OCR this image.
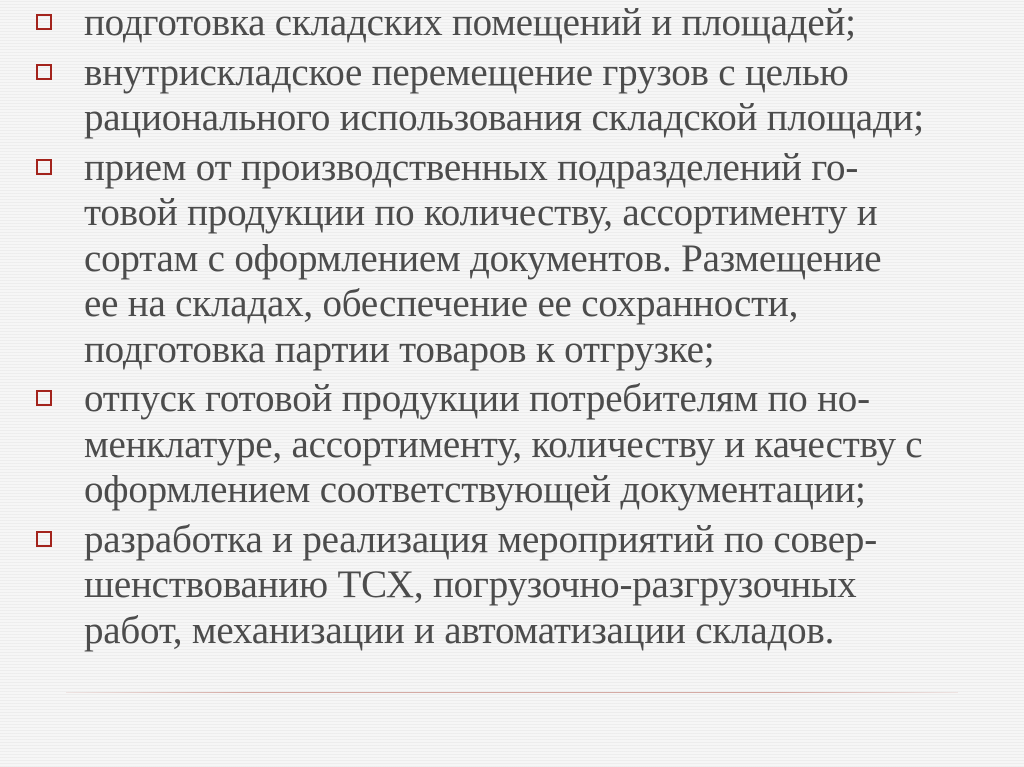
подготовка складских помещений и площадей;
внутрискладское перемещение грузов с целью
рационального использования складской площади;
прием от производственных подразделений го-
товой продукции по количеству, ассортименту и
сортам с оформлением документов. Размещение
ее на складах, обеспечение ее сохранности,
подготовка партии товаров к отгрузке;
отпуск готовой продукции потребителям по но-
менклатуре, ассортименту, количеству и качеству с
оформлением соответствующей документации;
разработка и реализация мероприятий по совер-
шенствованию ТСХ, погрузочно-разгрузочных
работ, механизации и автоматизации складов.
